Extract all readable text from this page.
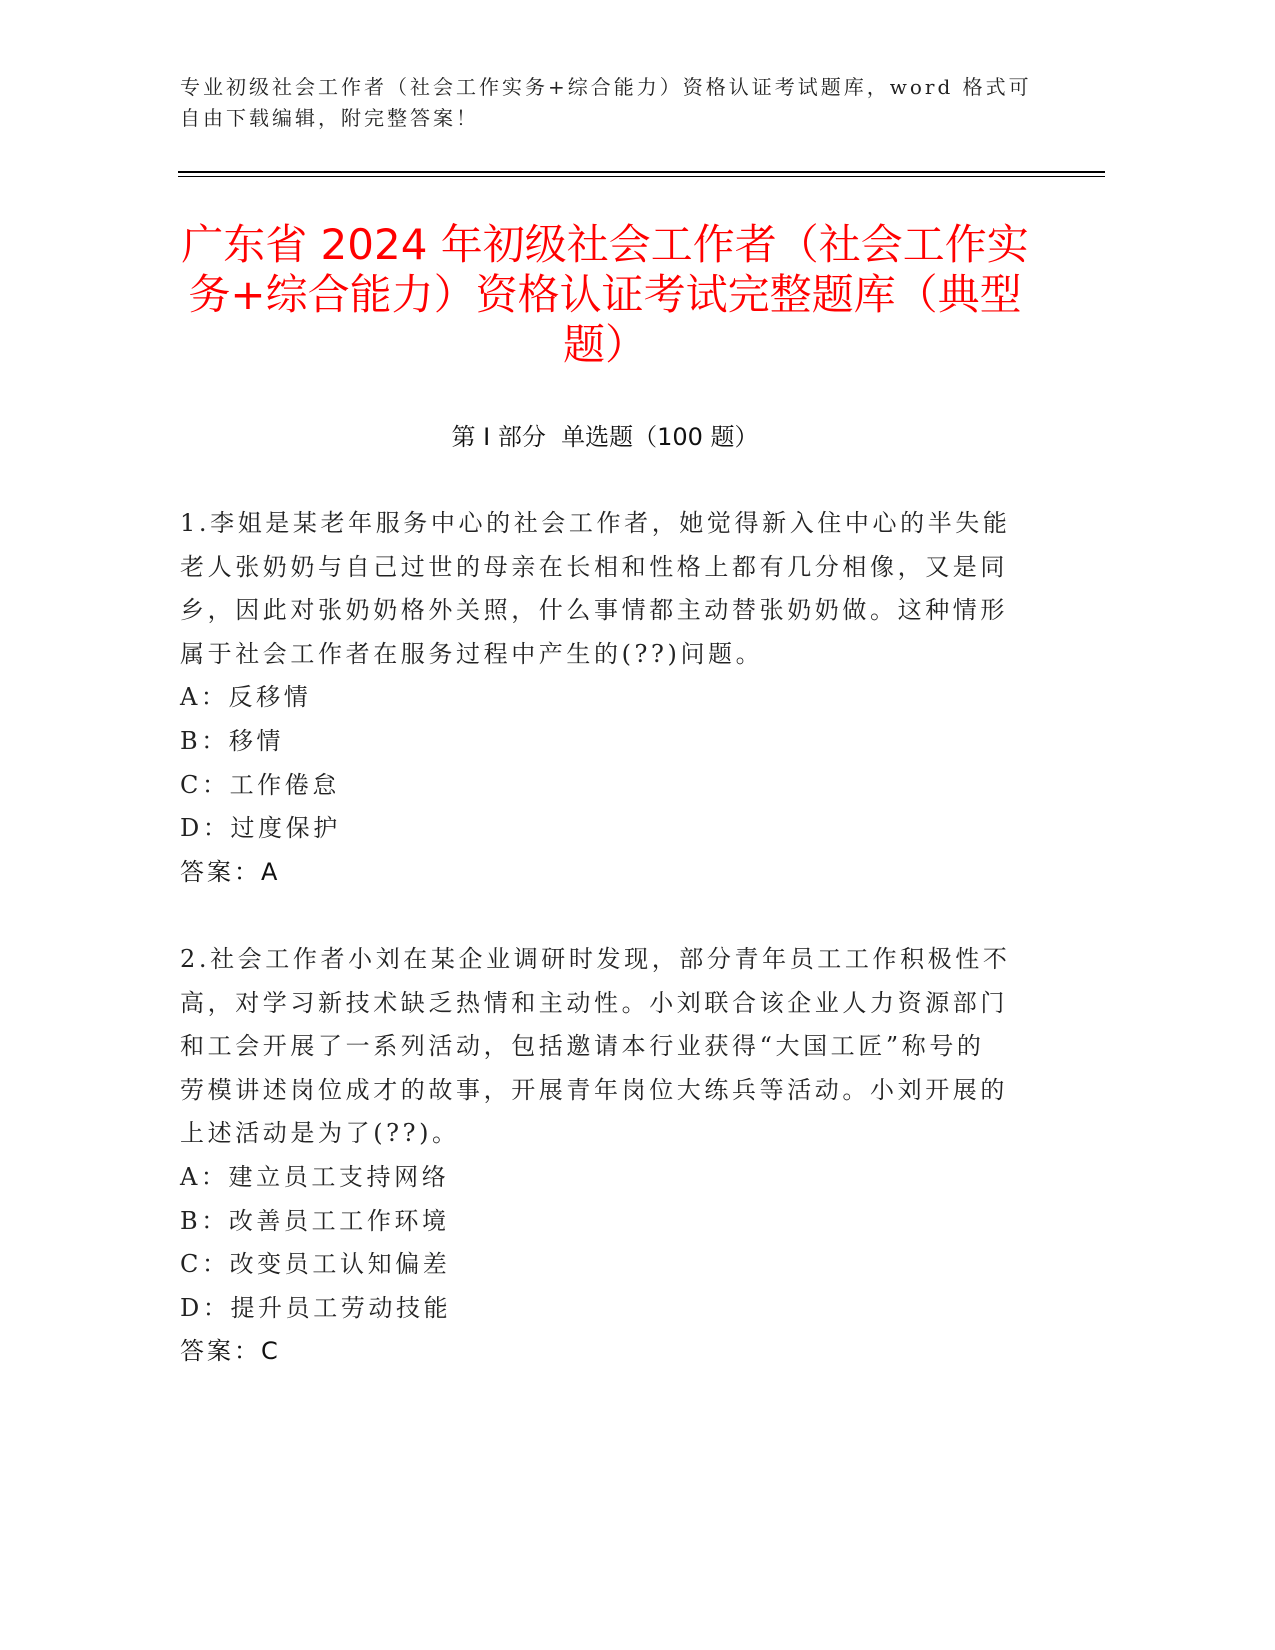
专业初级社会工作者（社会工作实务+综合能力）资格认证考试题库，word 格式可
自由下载编辑，附完整答案！
广东省 2024 年初级社会工作者（社会工作实
务+综合能力）资格认证考试完整题库（典型
题）
第 I 部分  单选题（100 题）
1.李姐是某老年服务中心的社会工作者，她觉得新入住中心的半失能
老人张奶奶与自己过世的母亲在长相和性格上都有几分相像，又是同
乡，因此对张奶奶格外关照，什么事情都主动替张奶奶做。这种情形
属于社会工作者在服务过程中产生的(??)问题。
A：反移情
B：移情
C：工作倦怠
D：过度保护
答案：A
2.社会工作者小刘在某企业调研时发现，部分青年员工工作积极性不
高，对学习新技术缺乏热情和主动性。小刘联合该企业人力资源部门
和工会开展了一系列活动，包括邀请本行业获得“大国工匠”称号的
劳模讲述岗位成才的故事，开展青年岗位大练兵等活动。小刘开展的
上述活动是为了(??)。
A：建立员工支持网络
B：改善员工工作环境
C：改变员工认知偏差
D：提升员工劳动技能
答案：C
